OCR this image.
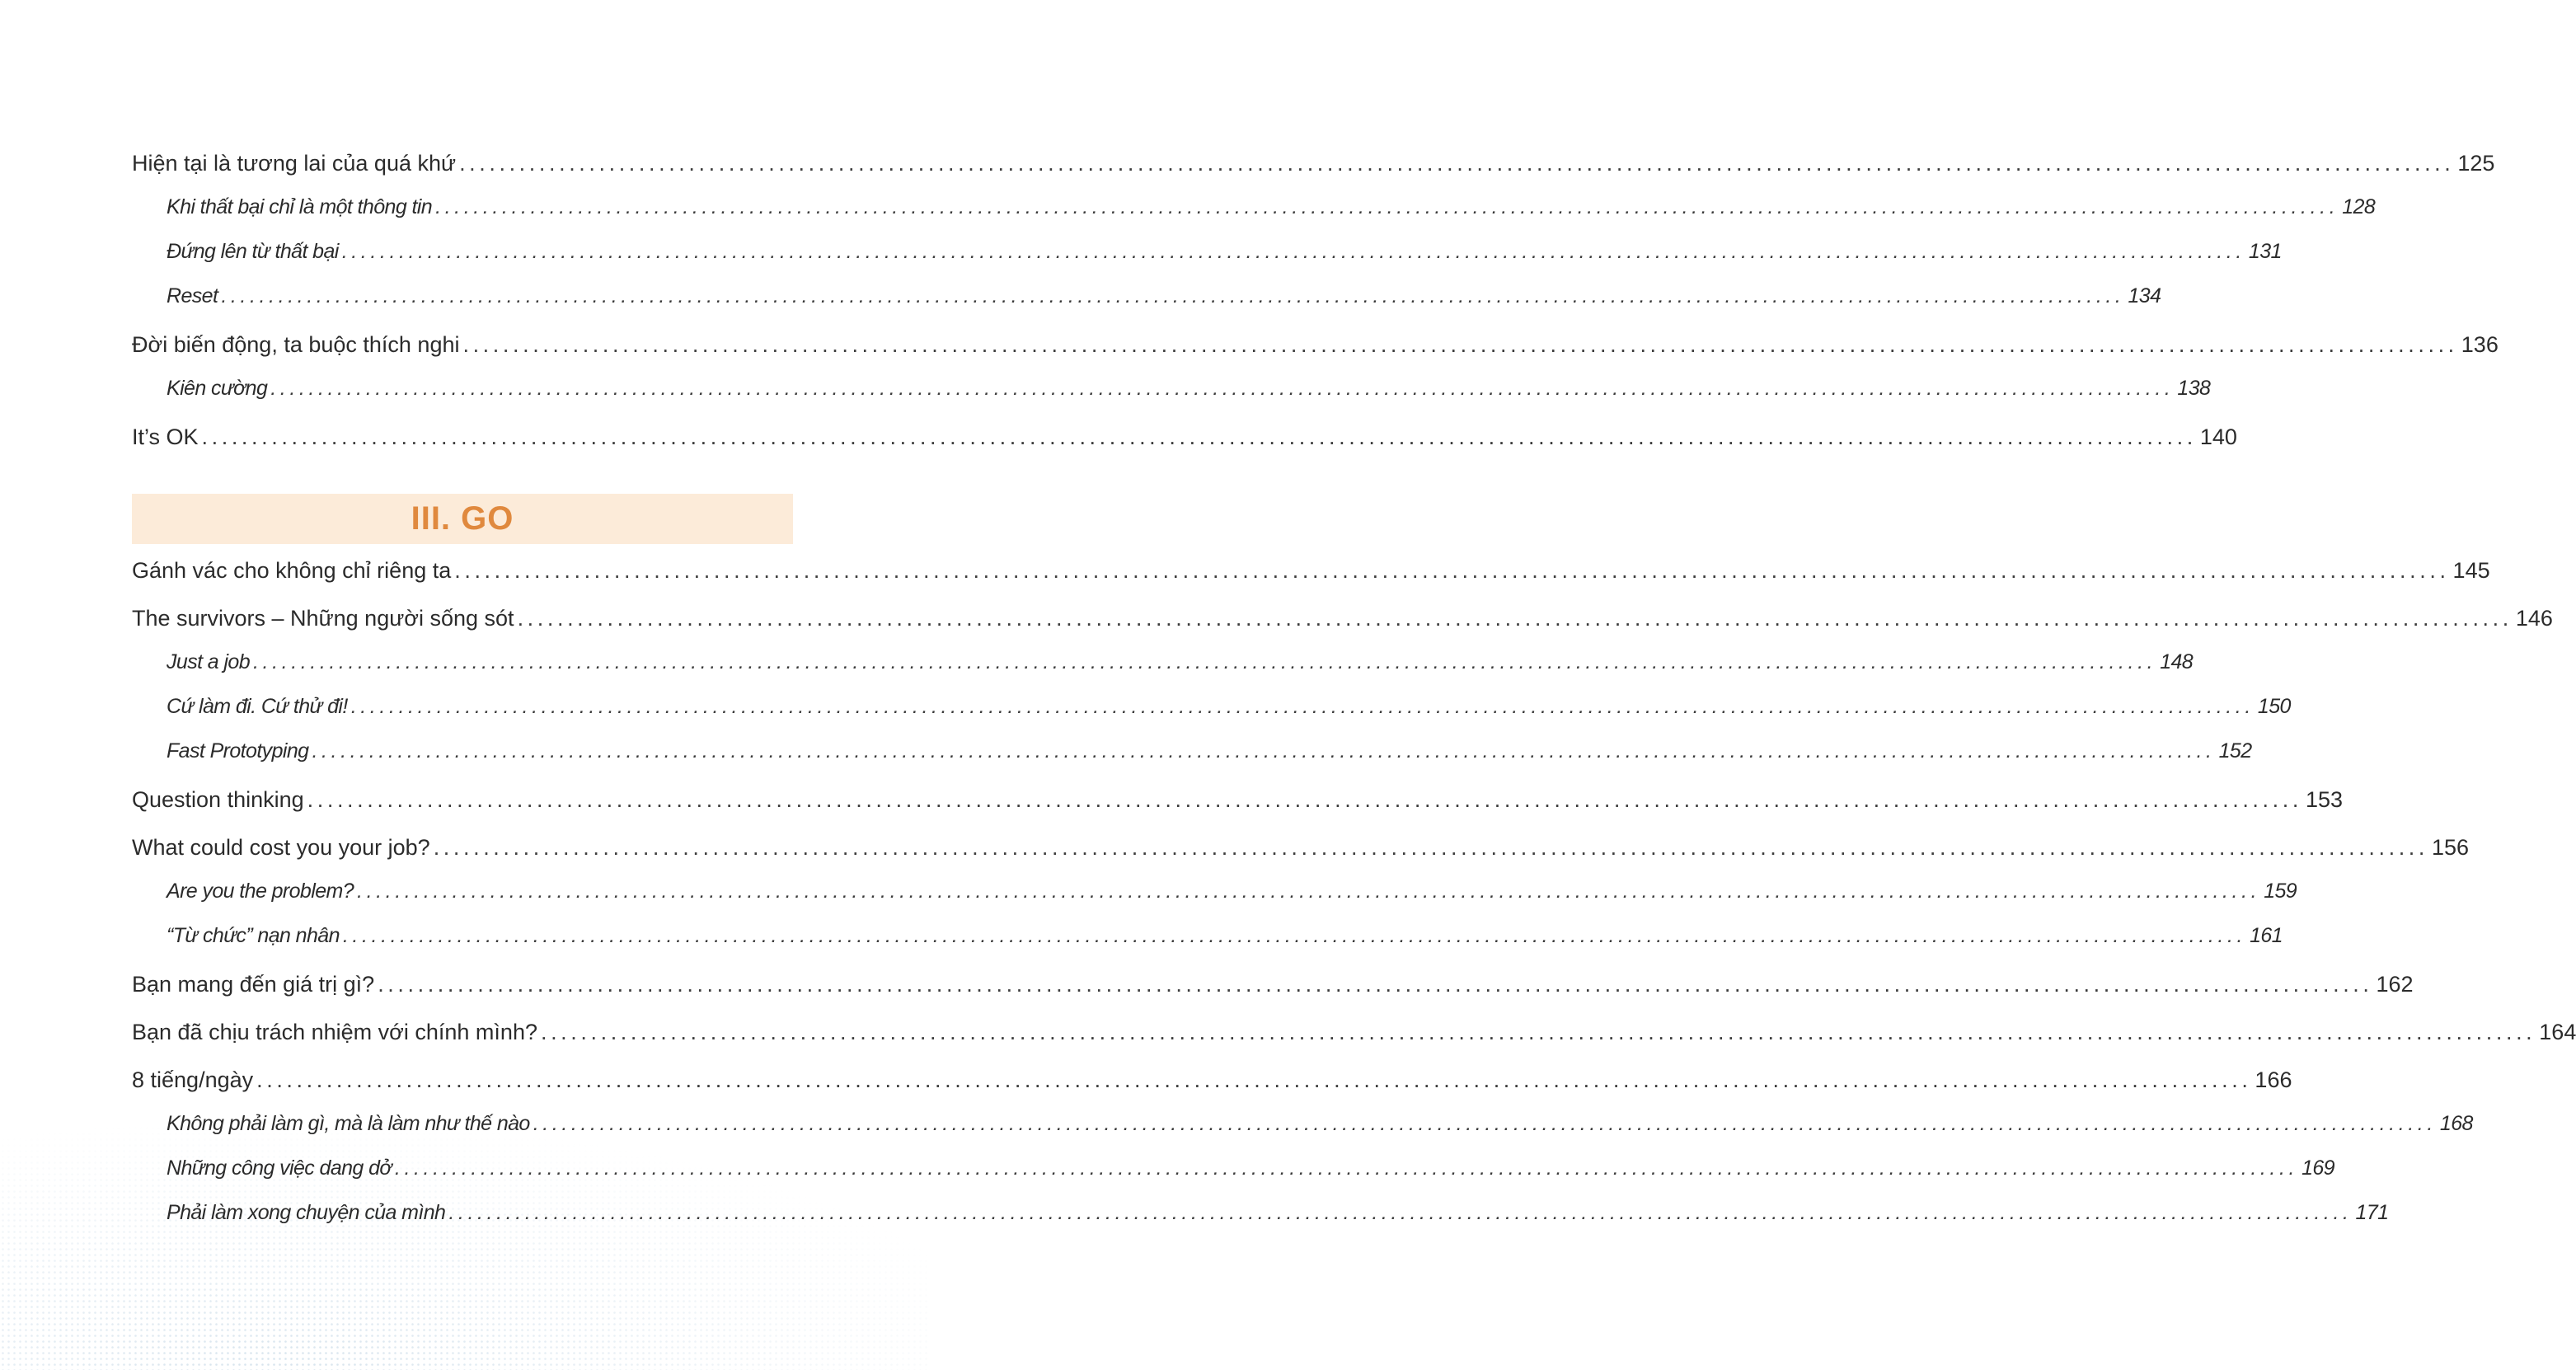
Hiện tại là tương lai của quá khứ ........................................................................................................................................................................................................ 125
Khi thất bại chỉ là một thông tin ........................................................................................................................................................................................................ 128
Đứng lên từ thất bại ........................................................................................................................................................................................................ 131
Reset ........................................................................................................................................................................................................ 134
Đời biến động, ta buộc thích nghi ........................................................................................................................................................................................................ 136
Kiên cường ........................................................................................................................................................................................................ 138
It’s OK ........................................................................................................................................................................................................ 140
III. GO
Gánh vác cho không chỉ riêng ta ........................................................................................................................................................................................................ 145
The survivors – Những người sống sót ........................................................................................................................................................................................................ 146
Just a job ........................................................................................................................................................................................................ 148
Cứ làm đi. Cứ thử đi! ........................................................................................................................................................................................................ 150
Fast Prototyping ........................................................................................................................................................................................................ 152
Question thinking ........................................................................................................................................................................................................ 153
What could cost you your job? ........................................................................................................................................................................................................ 156
Are you the problem? ........................................................................................................................................................................................................ 159
“Từ chức” nạn nhân ........................................................................................................................................................................................................ 161
Bạn mang đến giá trị gì? ........................................................................................................................................................................................................ 162
Bạn đã chịu trách nhiệm với chính mình? ........................................................................................................................................................................................................ 164
8 tiếng/ngày ........................................................................................................................................................................................................ 166
Không phải làm gì, mà là làm như thế nào ........................................................................................................................................................................................................ 168
Những công việc dang dở ........................................................................................................................................................................................................ 169
Phải làm xong chuyện của mình ........................................................................................................................................................................................................ 171
